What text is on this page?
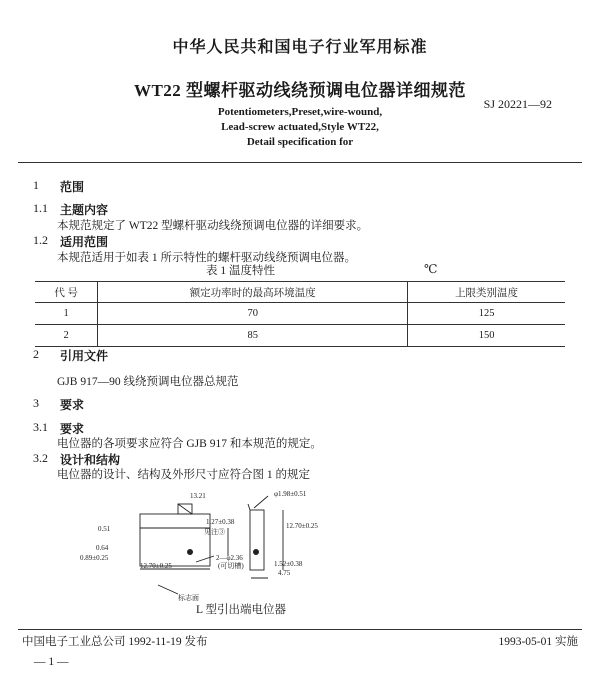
中华人民共和国电子行业军用标准
WT22 型螺杆驱动线绕预调电位器详细规范
SJ 20221—92
Potentiometers,Preset,wire-wound,
Lead-screw actuated,Style WT22,
Detail specification for
1 范围
1.1 主题内容
本规范规定了 WT22 型螺杆驱动线绕预调电位器的详细要求。
1.2 适用范围
本规范适用于如表 1 所示特性的螺杆驱动线绕预调电位器。
表 1 温度特性	℃
代 号	额定功率时的最高环境温度	上限类别温度
1	70	125
2	85	150
2 引用文件
GJB 917—90 线绕预调电位器总规范
3 要求
3.1 要求
电位器的各项要求应符合 GJB 917 和本规范的规定。
3.2 设计和结构
电位器的设计、结构及外形尺寸应符合图 1 的规定
13.21
1.27±0.38
见注③
0.51
0.64
0.89±0.25
12.70±0.25
2—φ2.36
(可切槽)	1.52±0.38
4.75
φ1.98±0.51
12.70±0.25
标志面
L 型引出端电位器
中国电子工业总公司 1992-11-19 发布	1993-05-01 实施
— 1 —
